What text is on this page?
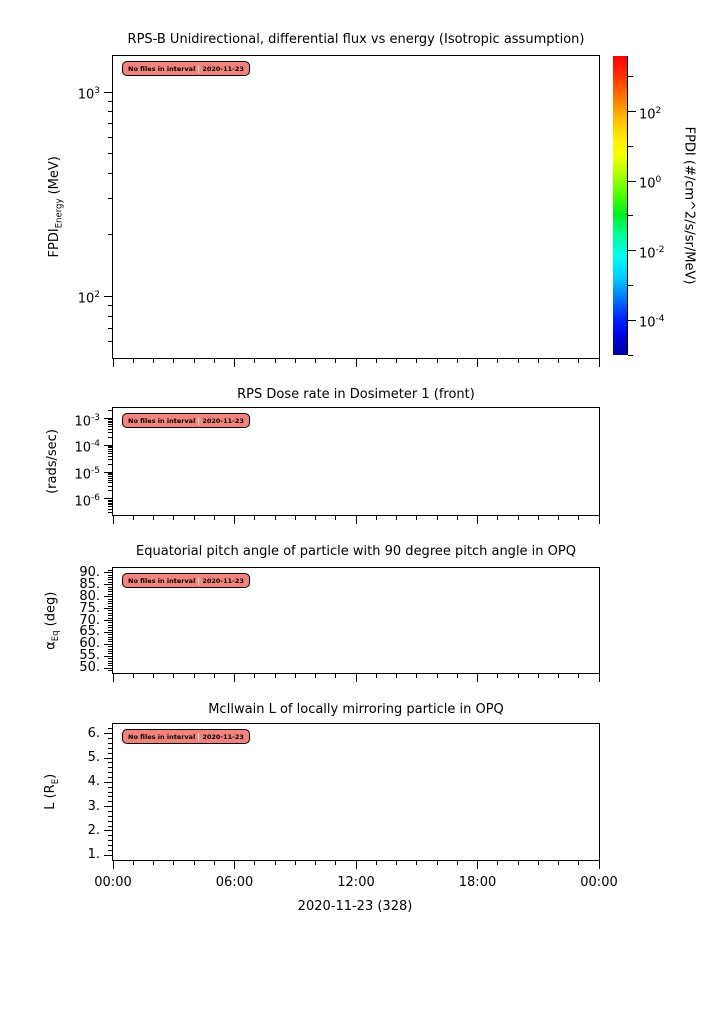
RPS-B Unidirectional, differential flux vs energy (Isotropic assumption)
RPS Dose rate in Dosimeter 1 (front)
Equatorial pitch angle of particle with 90 degree pitch angle in OPQ
McIlwain L of locally mirroring particle in OPQ
No files in interval	2020-11-23
$10^3$
$10^2$
No files in interval	2020-11-23
$10^{-3}$
$10^{-4}$
$10^{-5}$
$10^{-6}$
No files in interval	2020-11-23
90.
85.
80.
75.
70.
65.
60.
55.
50.
No files in interval	2020-11-23
6.
5.
4.
3.
2.
1.
$10^2$
$10^0$
$10^{-2}$
$10^{-4}$
2020-11-23 (328)
$FPDI_{Energy}$ (MeV)
(rads/sec)
$\alpha_{Eq}$ (deg)
L $(R_E)$
00:00	06:00	12:00	18:00	00:00
FPDI (#/cm^2/s/sr/MeV)
